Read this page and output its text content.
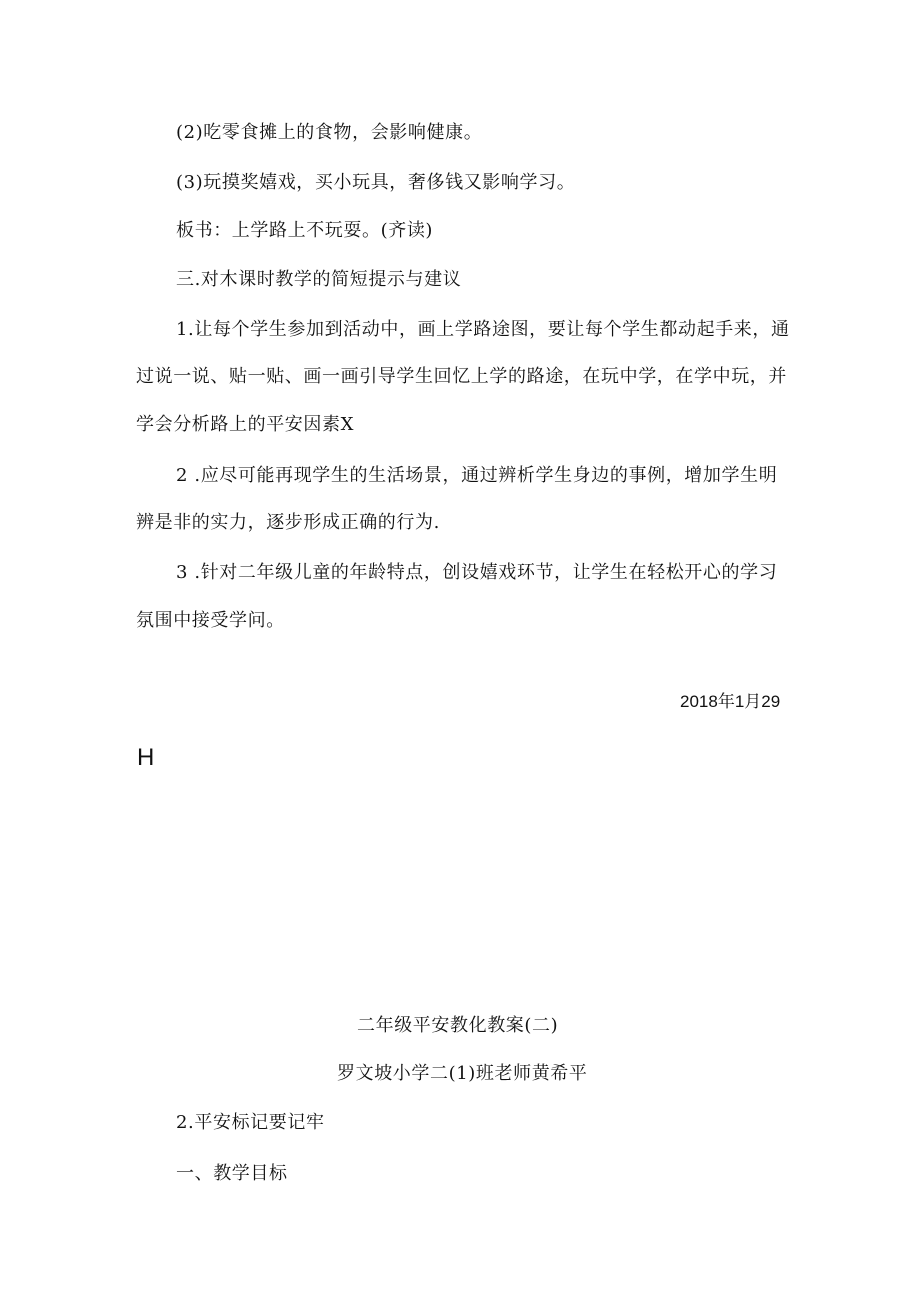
(2)吃零食摊上的食物，会影响健康。
(3)玩摸奖嬉戏，买小玩具，奢侈钱又影响学习。
板书：上学路上不玩耍。(齐读)
三.对木课时教学的简短提示与建议
1.让每个学生参加到活动中，画上学路途图，要让每个学生都动起手来，通
过说一说、贴一贴、画一画引导学生回忆上学的路途，在玩中学，在学中玩，并
学会分析路上的平安因素X
2 .应尽可能再现学生的生活场景，通过辨析学生身边的事例，增加学生明
辨是非的实力，逐步形成正确的行为.
3 .针对二年级儿童的年龄特点，创设嬉戏环节，让学生在轻松开心的学习
氛围中接受学问。
2018年1月29
H
二年级平安教化教案(二)
罗文坡小学二(1)班老师黄希平
2.平安标记要记牢
一、教学目标
